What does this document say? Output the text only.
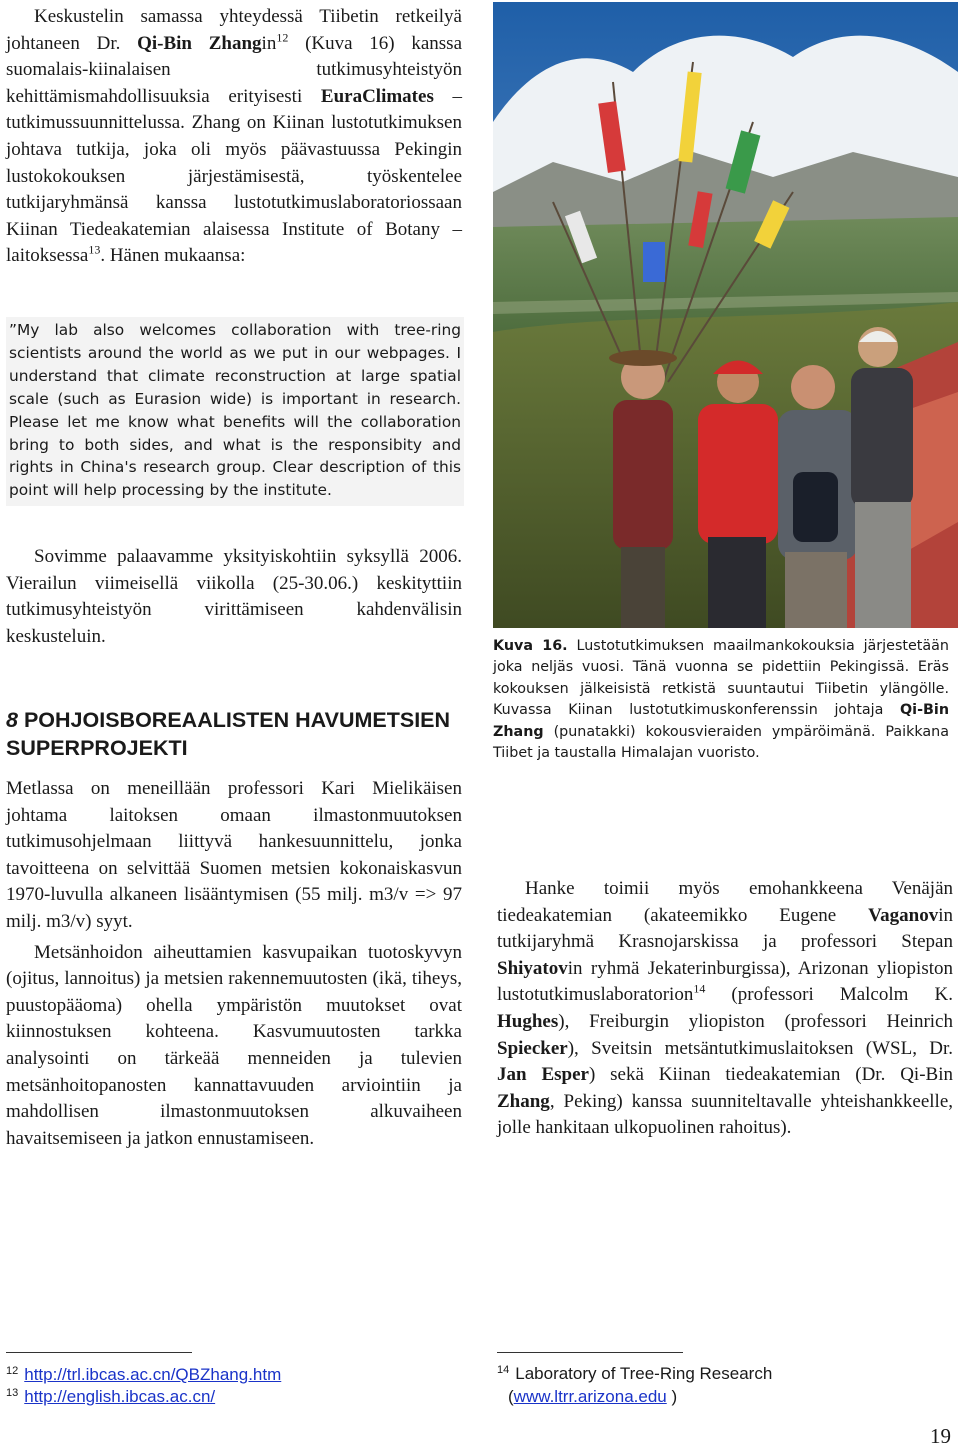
Keskustelin samassa yhteydessä Tiibetin retkeilyä johtaneen Dr. Qi-Bin Zhangin$^{12}$ (Kuva 16) kanssa suomalais-kiinalaisen tutkimusyhteistyön kehittämismahdollisuuksia erityisesti EuraClimates –tutkimussuunnittelussa. Zhang on Kiinan lustotutkimuksen johtava tutkija, joka oli myös päävastuussa Pekingin lustokokouksen järjestämisestä, työskentelee tutkijaryhmänsä kanssa lustotutkimuslaboratoriossaan Kiinan Tiedeakatemian alaisessa Institute of Botany –laitoksessa$^{13}$. Hänen mukaansa:

”My lab also welcomes collaboration with tree-ring scientists around the world as we put in our webpages. I understand that climate reconstruction at large spatial scale (such as Eurasion wide) is important in research. Please let me know what benefits will the collaboration bring to both sides, and what is the responsibity and rights in China's research group. Clear description of this point will help processing by the institute.

Sovimme palaavamme yksityiskohtiin syksyllä 2006. Vierailun viimeisellä viikolla (25-30.06.) keskityttiin tutkimusyhteistyön virittämiseen kahdenvälisin keskusteluin.

8 POHJOISBOREAALISTEN HAVUMETSIEN SUPERPROJEKTI

Metlassa on meneillään professori Kari Mielikäisen johtama laitoksen omaan ilmastonmuutoksen tutkimusohjelmaan liittyvä hankesuunnittelu, jonka tavoitteena on selvittää Suomen metsien kokonaiskasvun 1970-luvulla alkaneen lisääntymisen (55 milj. m3/v => 97 milj. m3/v) syyt.

Metsänhoidon aiheuttamien kasvupaikan tuotoskyvyn (ojitus, lannoitus) ja metsien rakennemuutosten (ikä, tiheys, puustopääoma) ohella ympäristön muutokset ovat kiinnostuksen kohteena. Kasvumuutosten tarkka analysointi on tärkeää menneiden ja tulevien metsänhoitopanosten kannattavuuden arviointiin ja mahdollisen ilmastonmuutoksen alkuvaiheen havaitsemiseen ja jatkon ennustamiseen.

Kuva 16. Lustotutkimuksen maailmankokouksia järjestetään joka neljäs vuosi. Tänä vuonna se pidettiin Pekingissä. Eräs kokouksen jälkeisistä retkistä suuntautui Tiibetin ylängölle. Kuvassa Kiinan lustotutkimuskonferenssin johtaja Qi-Bin Zhang (punatakki) kokousvieraiden ympäröimänä. Paikkana Tiibet ja taustalla Himalajan vuoristo.

Hanke toimii myös emohankkeena Venäjän tiedeakatemian (akateemikko Eugene Vaganovin tutkijaryhmä Krasnojarskissa ja professori Stepan Shiyatovin ryhmä Jekaterinburgissa), Arizonan yliopiston lustotutkimuslaboratorion$^{14}$ (professori Malcolm K. Hughes), Freiburgin yliopiston (professori Heinrich Spiecker), Sveitsin metsäntutkimuslaitoksen (WSL, Dr. Jan Esper) sekä Kiinan tiedeakatemian (Dr. Qi-Bin Zhang, Peking) kanssa suunniteltavalle yhteishankkeelle, jolle hankitaan ulkopuolinen rahoitus).

$^{12}$ http://trl.ibcas.ac.cn/QBZhang.htm
$^{13}$ http://english.ibcas.ac.cn/
$^{14}$ Laboratory of Tree-Ring Research
(www.ltrr.arizona.edu )
19
